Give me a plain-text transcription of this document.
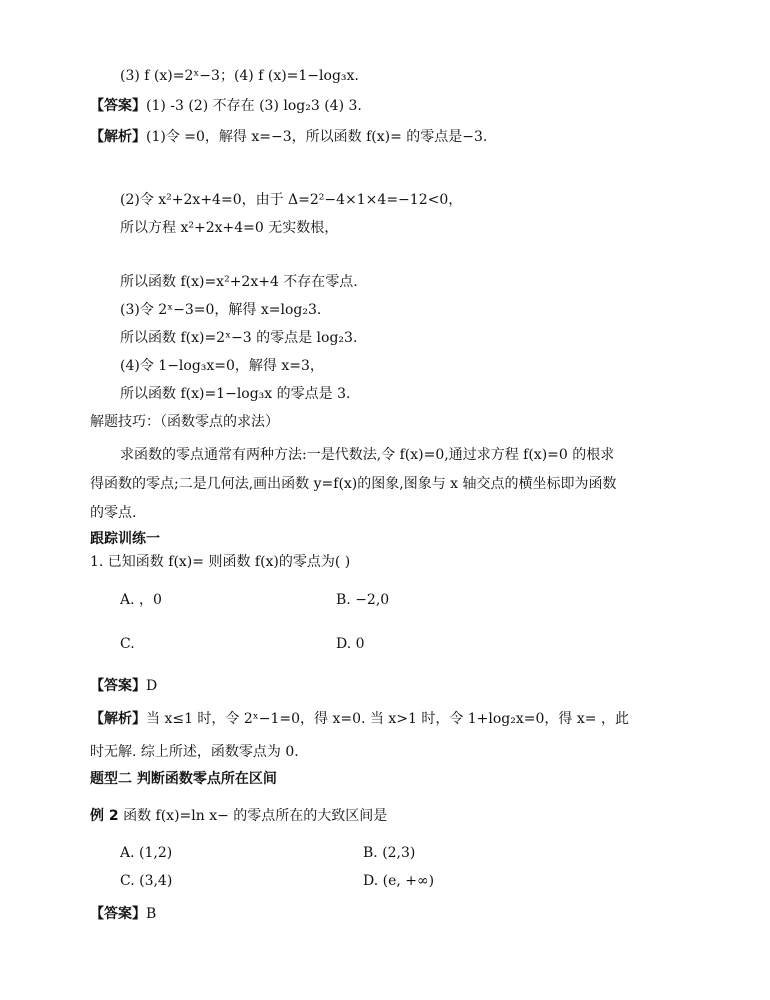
(3) f (x)=2ˣ−3；(4) f (x)=1−log₃x.
【答案】(1) -3 (2) 不存在 (3) log₂3 (4) 3.
【解析】(1)令 =0，解得 x=−3，所以函数 f(x)= 的零点是−3.
(2)令 x²+2x+4=0，由于 Δ=2²−4×1×4=−12<0，
所以方程 x²+2x+4=0 无实数根，
所以函数 f(x)=x²+2x+4 不存在零点.
(3)令 2ˣ−3=0，解得 x=log₂3.
所以函数 f(x)=2ˣ−3 的零点是 log₂3.
(4)令 1−log₃x=0，解得 x=3，
所以函数 f(x)=1−log₃x 的零点是 3.
解题技巧：（函数零点的求法）
求函数的零点通常有两种方法:一是代数法,令 f(x)=0,通过求方程 f(x)=0 的根求
得函数的零点;二是几何法,画出函数 y=f(x)的图象,图象与 x 轴交点的横坐标即为函数
的零点.
跟踪训练一
1. 已知函数 f(x)= 则函数 f(x)的零点为( )
A. ，0	B. −2,0
C.	D. 0
【答案】D
【解析】当 x≤1 时，令 2ˣ−1=0，得 x=0. 当 x>1 时，令 1+log₂x=0，得 x= ，此
时无解. 综上所述，函数零点为 0.
题型二 判断函数零点所在区间
例 2 函数 f(x)=ln x− 的零点所在的大致区间是
A. (1,2)	B. (2,3)
C. (3,4)	D. (e, +∞)
【答案】B
